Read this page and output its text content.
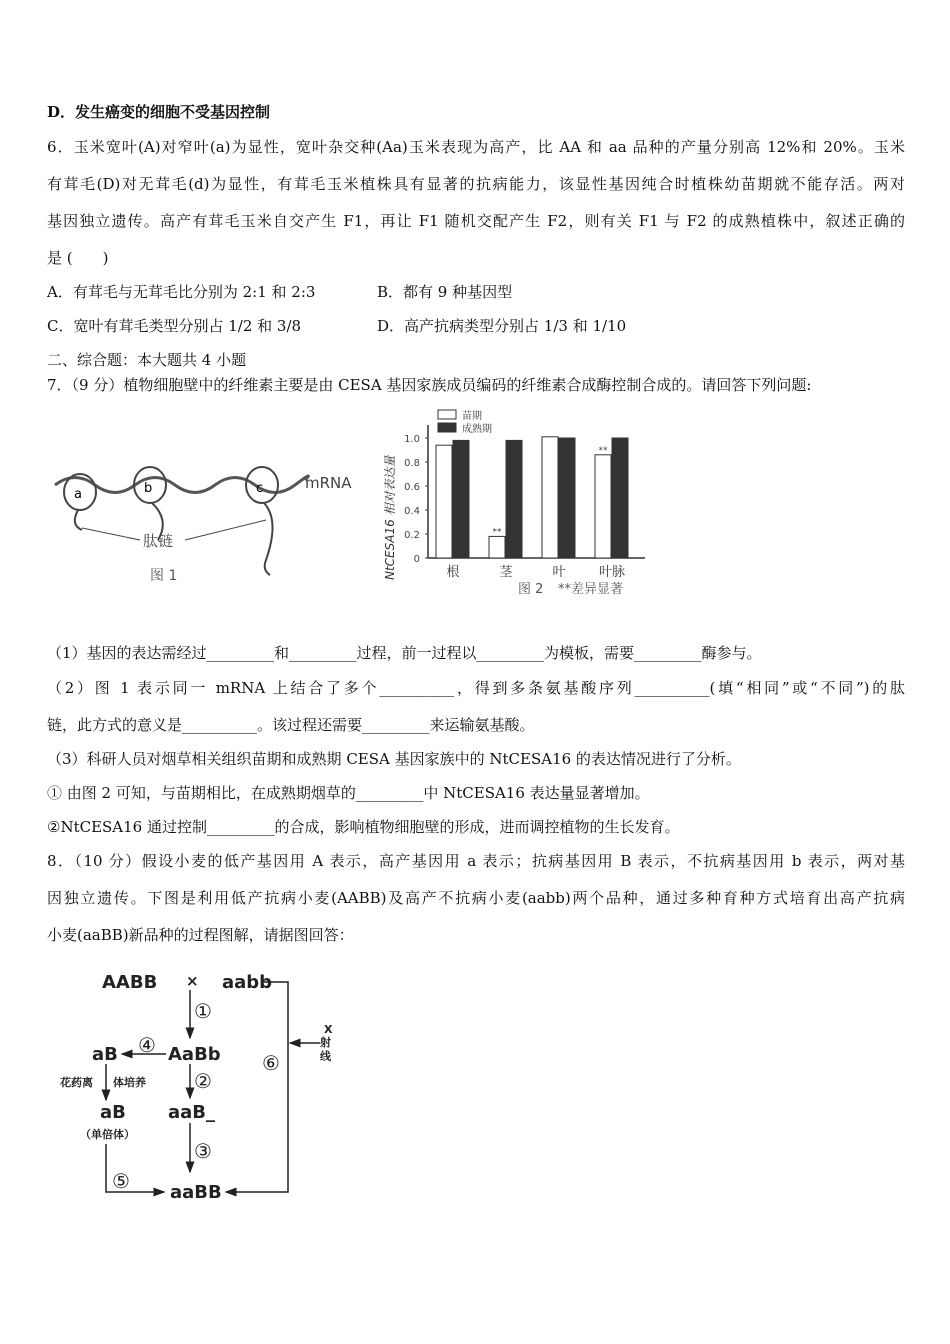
D．发生癌变的细胞不受基因控制
6．玉米宽叶(A)对窄叶(a)为显性，宽叶杂交种(Aa)玉米表现为高产，比 AA 和 aa 品种的产量分别高 12%和 20%。玉米
有茸毛(D)对无茸毛(d)为显性，有茸毛玉米植株具有显著的抗病能力，该显性基因纯合时植株幼苗期就不能存活。两对
基因独立遗传。高产有茸毛玉米自交产生 F1，再让 F1 随机交配产生 F2，则有关 F1 与 F2 的成熟植株中，叙述正确的
是 (　　)
A．有茸毛与无茸毛比分别为 2:1 和 2:3	B．都有 9 种基因型
C．宽叶有茸毛类型分别占 1/2 和 3/8	D．高产抗病类型分别占 1/3 和 1/10
二、综合题：本大题共 4 小题
7．（9 分）植物细胞壁中的纤维素主要是由 CESA 基因家族成员编码的纤维素合成酶控制合成的。请回答下列问题:
a	b	c	mRNA
肽链
图 1
0
0.2
0.4
0.6
0.8
1.0
根
**
茎	叶
**
叶脉
苗期
成熟期
NtCESA16 相对表达量
图 2 **差异显著
（1）基因的表达需经过_________和_________过程，前一过程以_________为模板，需要_________酶参与。
（2）图 1 表示同一 mRNA 上结合了多个__________，得到多条氨基酸序列__________(填“相同”或“不同”)的肽
链，此方式的意义是__________。该过程还需要_________来运输氨基酸。
（3）科研人员对烟草相关组织苗期和成熟期 CESA 基因家族中的 NtCESA16 的表达情况进行了分析。
① 由图 2 可知，与苗期相比，在成熟期烟草的_________中 NtCESA16 表达量显著增加。
②NtCESA16 通过控制_________的合成，影响植物细胞壁的形成，进而调控植物的生长发育。
8．（10 分）假设小麦的低产基因用 A 表示，高产基因用 a 表示；抗病基因用 B 表示，不抗病基因用 b 表示，两对基
因独立遗传。下图是利用低产抗病小麦(AABB)及高产不抗病小麦(aabb)两个品种，通过多种育种方式培育出高产抗病
小麦(aaBB)新品种的过程图解，请据图回答：
AABB × aabb
AaBb
aB
aB aaB_
aaBB
（单倍体）
花药离 体培养
X
射
线
①
②
③
④
⑤
⑥
